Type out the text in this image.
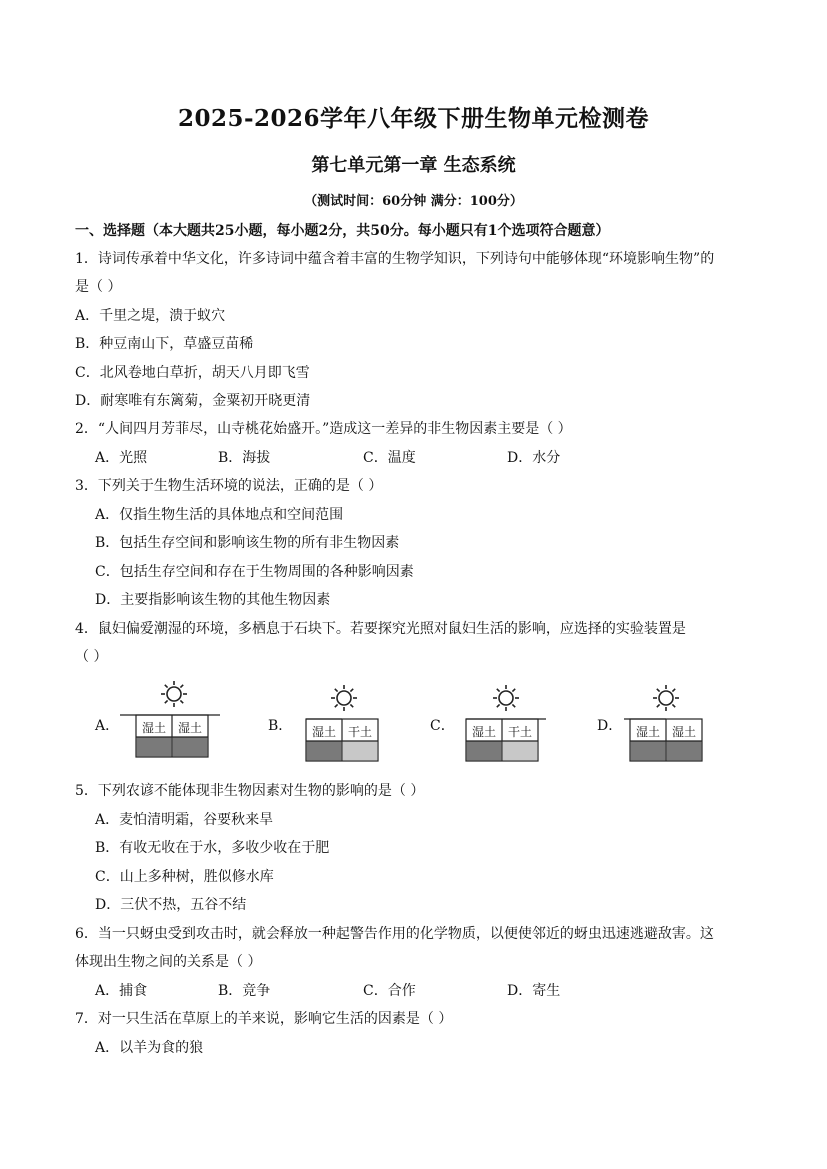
2025-2026学年八年级下册生物单元检测卷
第七单元第一章 生态系统
（测试时间：60分钟 满分：100分）
一、选择题（本大题共25小题，每小题2分，共50分。每小题只有1个选项符合题意）
1．诗词传承着中华文化，许多诗词中蕴含着丰富的生物学知识，下列诗句中能够体现“环境影响生物”的
是（ ）
A．千里之堤，溃于蚁穴
B．种豆南山下，草盛豆苗稀
C．北风卷地白草折，胡天八月即飞雪
D．耐寒唯有东篱菊，金粟初开晓更清
2．“人间四月芳菲尽，山寺桃花始盛开。”造成这一差异的非生物因素主要是（ ）
A．光照	B．海拔	C．温度	D．水分
3．下列关于生物生活环境的说法，正确的是（ ）
A．仅指生物生活的具体地点和空间范围
B．包括生存空间和影响该生物的所有非生物因素
C．包括生存空间和存在于生物周围的各种影响因素
D．主要指影响该生物的其他生物因素
4．鼠妇偏爱潮湿的环境，多栖息于石块下。若要探究光照对鼠妇生活的影响，应选择的实验装置是
（ ）
A． 湿土 湿土	B． 湿土 干土	C． 湿土 干土	D． 湿土 湿土
5．下列农谚不能体现非生物因素对生物的影响的是（ ）
A．麦怕清明霜，谷要秋来旱
B．有收无收在于水，多收少收在于肥
C．山上多种树，胜似修水库
D．三伏不热，五谷不结
6．当一只蚜虫受到攻击时，就会释放一种起警告作用的化学物质，以便使邻近的蚜虫迅速逃避敌害。这
体现出生物之间的关系是（ ）
A．捕食	B．竞争	C．合作	D．寄生
7．对一只生活在草原上的羊来说，影响它生活的因素是（ ）
A．以羊为食的狼
